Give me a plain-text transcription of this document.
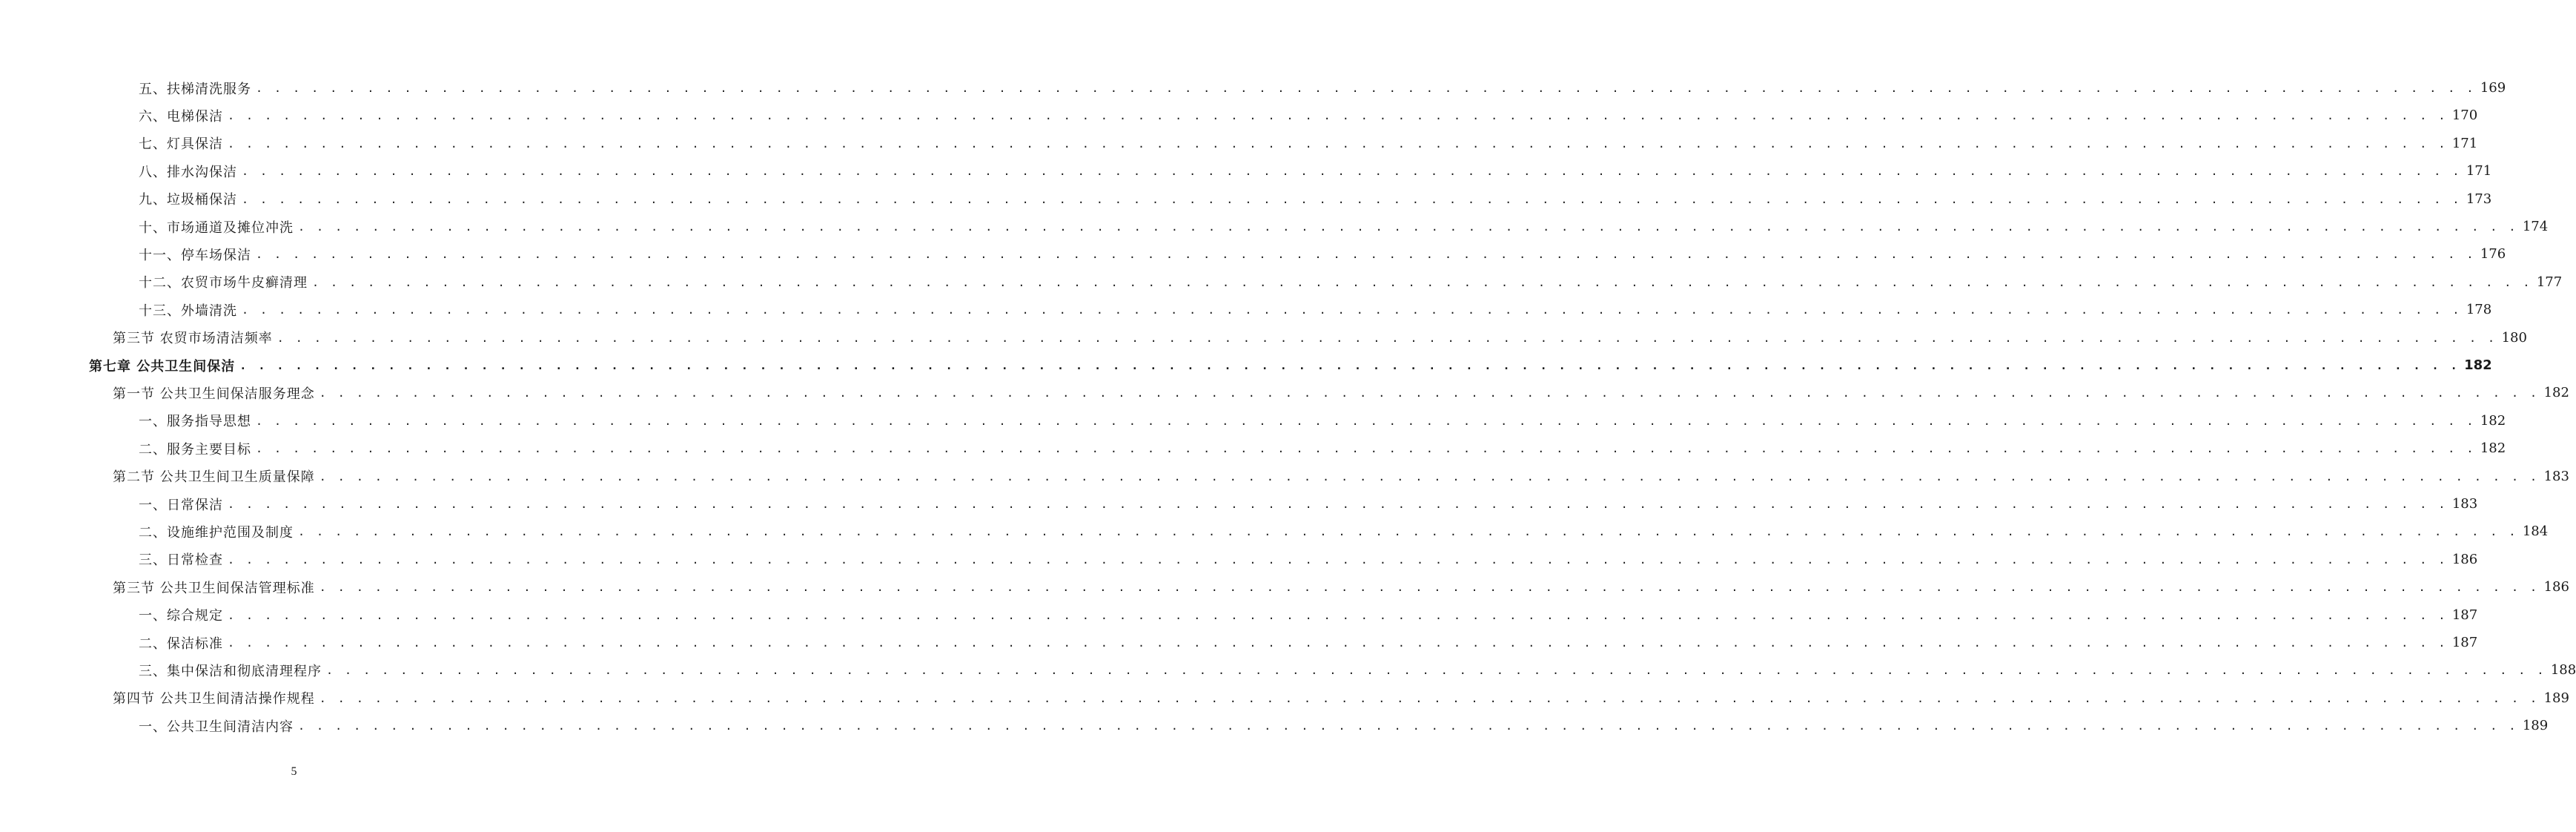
五、扶梯清洗服务 . . . . . . . . . . . . . . . . . . . . . . . . . . . . . . . . . . . . . . . . . . . . . . . . . . . . . . . . . . . . . . . . . . . . . . . . . . . . . . . . . . . . . . . . . . . . . . . . . . . . . . . . . . . . . . . . . . . . . . . . 169
六、电梯保洁 . . . . . . . . . . . . . . . . . . . . . . . . . . . . . . . . . . . . . . . . . . . . . . . . . . . . . . . . . . . . . . . . . . . . . . . . . . . . . . . . . . . . . . . . . . . . . . . . . . . . . . . . . . . . . . . . . . . . . . . . 170
七、灯具保洁 . . . . . . . . . . . . . . . . . . . . . . . . . . . . . . . . . . . . . . . . . . . . . . . . . . . . . . . . . . . . . . . . . . . . . . . . . . . . . . . . . . . . . . . . . . . . . . . . . . . . . . . . . . . . . . . . . . . . . . . . 171
八、排水沟保洁 . . . . . . . . . . . . . . . . . . . . . . . . . . . . . . . . . . . . . . . . . . . . . . . . . . . . . . . . . . . . . . . . . . . . . . . . . . . . . . . . . . . . . . . . . . . . . . . . . . . . . . . . . . . . . . . . . . . . . . . . 171
九、垃圾桶保洁 . . . . . . . . . . . . . . . . . . . . . . . . . . . . . . . . . . . . . . . . . . . . . . . . . . . . . . . . . . . . . . . . . . . . . . . . . . . . . . . . . . . . . . . . . . . . . . . . . . . . . . . . . . . . . . . . . . . . . . . . 173
十、市场通道及摊位冲洗 . . . . . . . . . . . . . . . . . . . . . . . . . . . . . . . . . . . . . . . . . . . . . . . . . . . . . . . . . . . . . . . . . . . . . . . . . . . . . . . . . . . . . . . . . . . . . . . . . . . . . . . . . . . . . . . . . . . . . . . . 174
十一、停车场保洁 . . . . . . . . . . . . . . . . . . . . . . . . . . . . . . . . . . . . . . . . . . . . . . . . . . . . . . . . . . . . . . . . . . . . . . . . . . . . . . . . . . . . . . . . . . . . . . . . . . . . . . . . . . . . . . . . . . . . . . . . 176
十二、农贸市场牛皮癣清理 . . . . . . . . . . . . . . . . . . . . . . . . . . . . . . . . . . . . . . . . . . . . . . . . . . . . . . . . . . . . . . . . . . . . . . . . . . . . . . . . . . . . . . . . . . . . . . . . . . . . . . . . . . . . . . . . . . . . . . . . 177
十三、外墙清洗 . . . . . . . . . . . . . . . . . . . . . . . . . . . . . . . . . . . . . . . . . . . . . . . . . . . . . . . . . . . . . . . . . . . . . . . . . . . . . . . . . . . . . . . . . . . . . . . . . . . . . . . . . . . . . . . . . . . . . . . . 178
第三节 农贸市场清洁频率 . . . . . . . . . . . . . . . . . . . . . . . . . . . . . . . . . . . . . . . . . . . . . . . . . . . . . . . . . . . . . . . . . . . . . . . . . . . . . . . . . . . . . . . . . . . . . . . . . . . . . . . . . . . . . . . . . . . . . . . . 180
第七章 公共卫生间保洁 . . . . . . . . . . . . . . . . . . . . . . . . . . . . . . . . . . . . . . . . . . . . . . . . . . . . . . . . . . . . . . . . . . . . . . . . . . . . . . . . . . . . . . . . . . . . . . . . . . . . . . . . . . . . . . . . . . . . . . . . 182
第一节 公共卫生间保洁服务理念 . . . . . . . . . . . . . . . . . . . . . . . . . . . . . . . . . . . . . . . . . . . . . . . . . . . . . . . . . . . . . . . . . . . . . . . . . . . . . . . . . . . . . . . . . . . . . . . . . . . . . . . . . . . . . . . . . . . . . . . . 182
一、服务指导思想 . . . . . . . . . . . . . . . . . . . . . . . . . . . . . . . . . . . . . . . . . . . . . . . . . . . . . . . . . . . . . . . . . . . . . . . . . . . . . . . . . . . . . . . . . . . . . . . . . . . . . . . . . . . . . . . . . . . . . . . . 182
二、服务主要目标 . . . . . . . . . . . . . . . . . . . . . . . . . . . . . . . . . . . . . . . . . . . . . . . . . . . . . . . . . . . . . . . . . . . . . . . . . . . . . . . . . . . . . . . . . . . . . . . . . . . . . . . . . . . . . . . . . . . . . . . . 182
第二节 公共卫生间卫生质量保障 . . . . . . . . . . . . . . . . . . . . . . . . . . . . . . . . . . . . . . . . . . . . . . . . . . . . . . . . . . . . . . . . . . . . . . . . . . . . . . . . . . . . . . . . . . . . . . . . . . . . . . . . . . . . . . . . . . . . . . . . 183
一、日常保洁 . . . . . . . . . . . . . . . . . . . . . . . . . . . . . . . . . . . . . . . . . . . . . . . . . . . . . . . . . . . . . . . . . . . . . . . . . . . . . . . . . . . . . . . . . . . . . . . . . . . . . . . . . . . . . . . . . . . . . . . . 183
二、设施维护范围及制度 . . . . . . . . . . . . . . . . . . . . . . . . . . . . . . . . . . . . . . . . . . . . . . . . . . . . . . . . . . . . . . . . . . . . . . . . . . . . . . . . . . . . . . . . . . . . . . . . . . . . . . . . . . . . . . . . . . . . . . . . 184
三、日常检查 . . . . . . . . . . . . . . . . . . . . . . . . . . . . . . . . . . . . . . . . . . . . . . . . . . . . . . . . . . . . . . . . . . . . . . . . . . . . . . . . . . . . . . . . . . . . . . . . . . . . . . . . . . . . . . . . . . . . . . . . 186
第三节 公共卫生间保洁管理标准 . . . . . . . . . . . . . . . . . . . . . . . . . . . . . . . . . . . . . . . . . . . . . . . . . . . . . . . . . . . . . . . . . . . . . . . . . . . . . . . . . . . . . . . . . . . . . . . . . . . . . . . . . . . . . . . . . . . . . . . . 186
一、综合规定 . . . . . . . . . . . . . . . . . . . . . . . . . . . . . . . . . . . . . . . . . . . . . . . . . . . . . . . . . . . . . . . . . . . . . . . . . . . . . . . . . . . . . . . . . . . . . . . . . . . . . . . . . . . . . . . . . . . . . . . . 187
二、保洁标准 . . . . . . . . . . . . . . . . . . . . . . . . . . . . . . . . . . . . . . . . . . . . . . . . . . . . . . . . . . . . . . . . . . . . . . . . . . . . . . . . . . . . . . . . . . . . . . . . . . . . . . . . . . . . . . . . . . . . . . . . 187
三、集中保洁和彻底清理程序 . . . . . . . . . . . . . . . . . . . . . . . . . . . . . . . . . . . . . . . . . . . . . . . . . . . . . . . . . . . . . . . . . . . . . . . . . . . . . . . . . . . . . . . . . . . . . . . . . . . . . . . . . . . . . . . . . . . . . . . . 188
第四节 公共卫生间清洁操作规程 . . . . . . . . . . . . . . . . . . . . . . . . . . . . . . . . . . . . . . . . . . . . . . . . . . . . . . . . . . . . . . . . . . . . . . . . . . . . . . . . . . . . . . . . . . . . . . . . . . . . . . . . . . . . . . . . . . . . . . . . 189
一、公共卫生间清洁内容 . . . . . . . . . . . . . . . . . . . . . . . . . . . . . . . . . . . . . . . . . . . . . . . . . . . . . . . . . . . . . . . . . . . . . . . . . . . . . . . . . . . . . . . . . . . . . . . . . . . . . . . . . . . . . . . . . . . . . . . . 189
5
